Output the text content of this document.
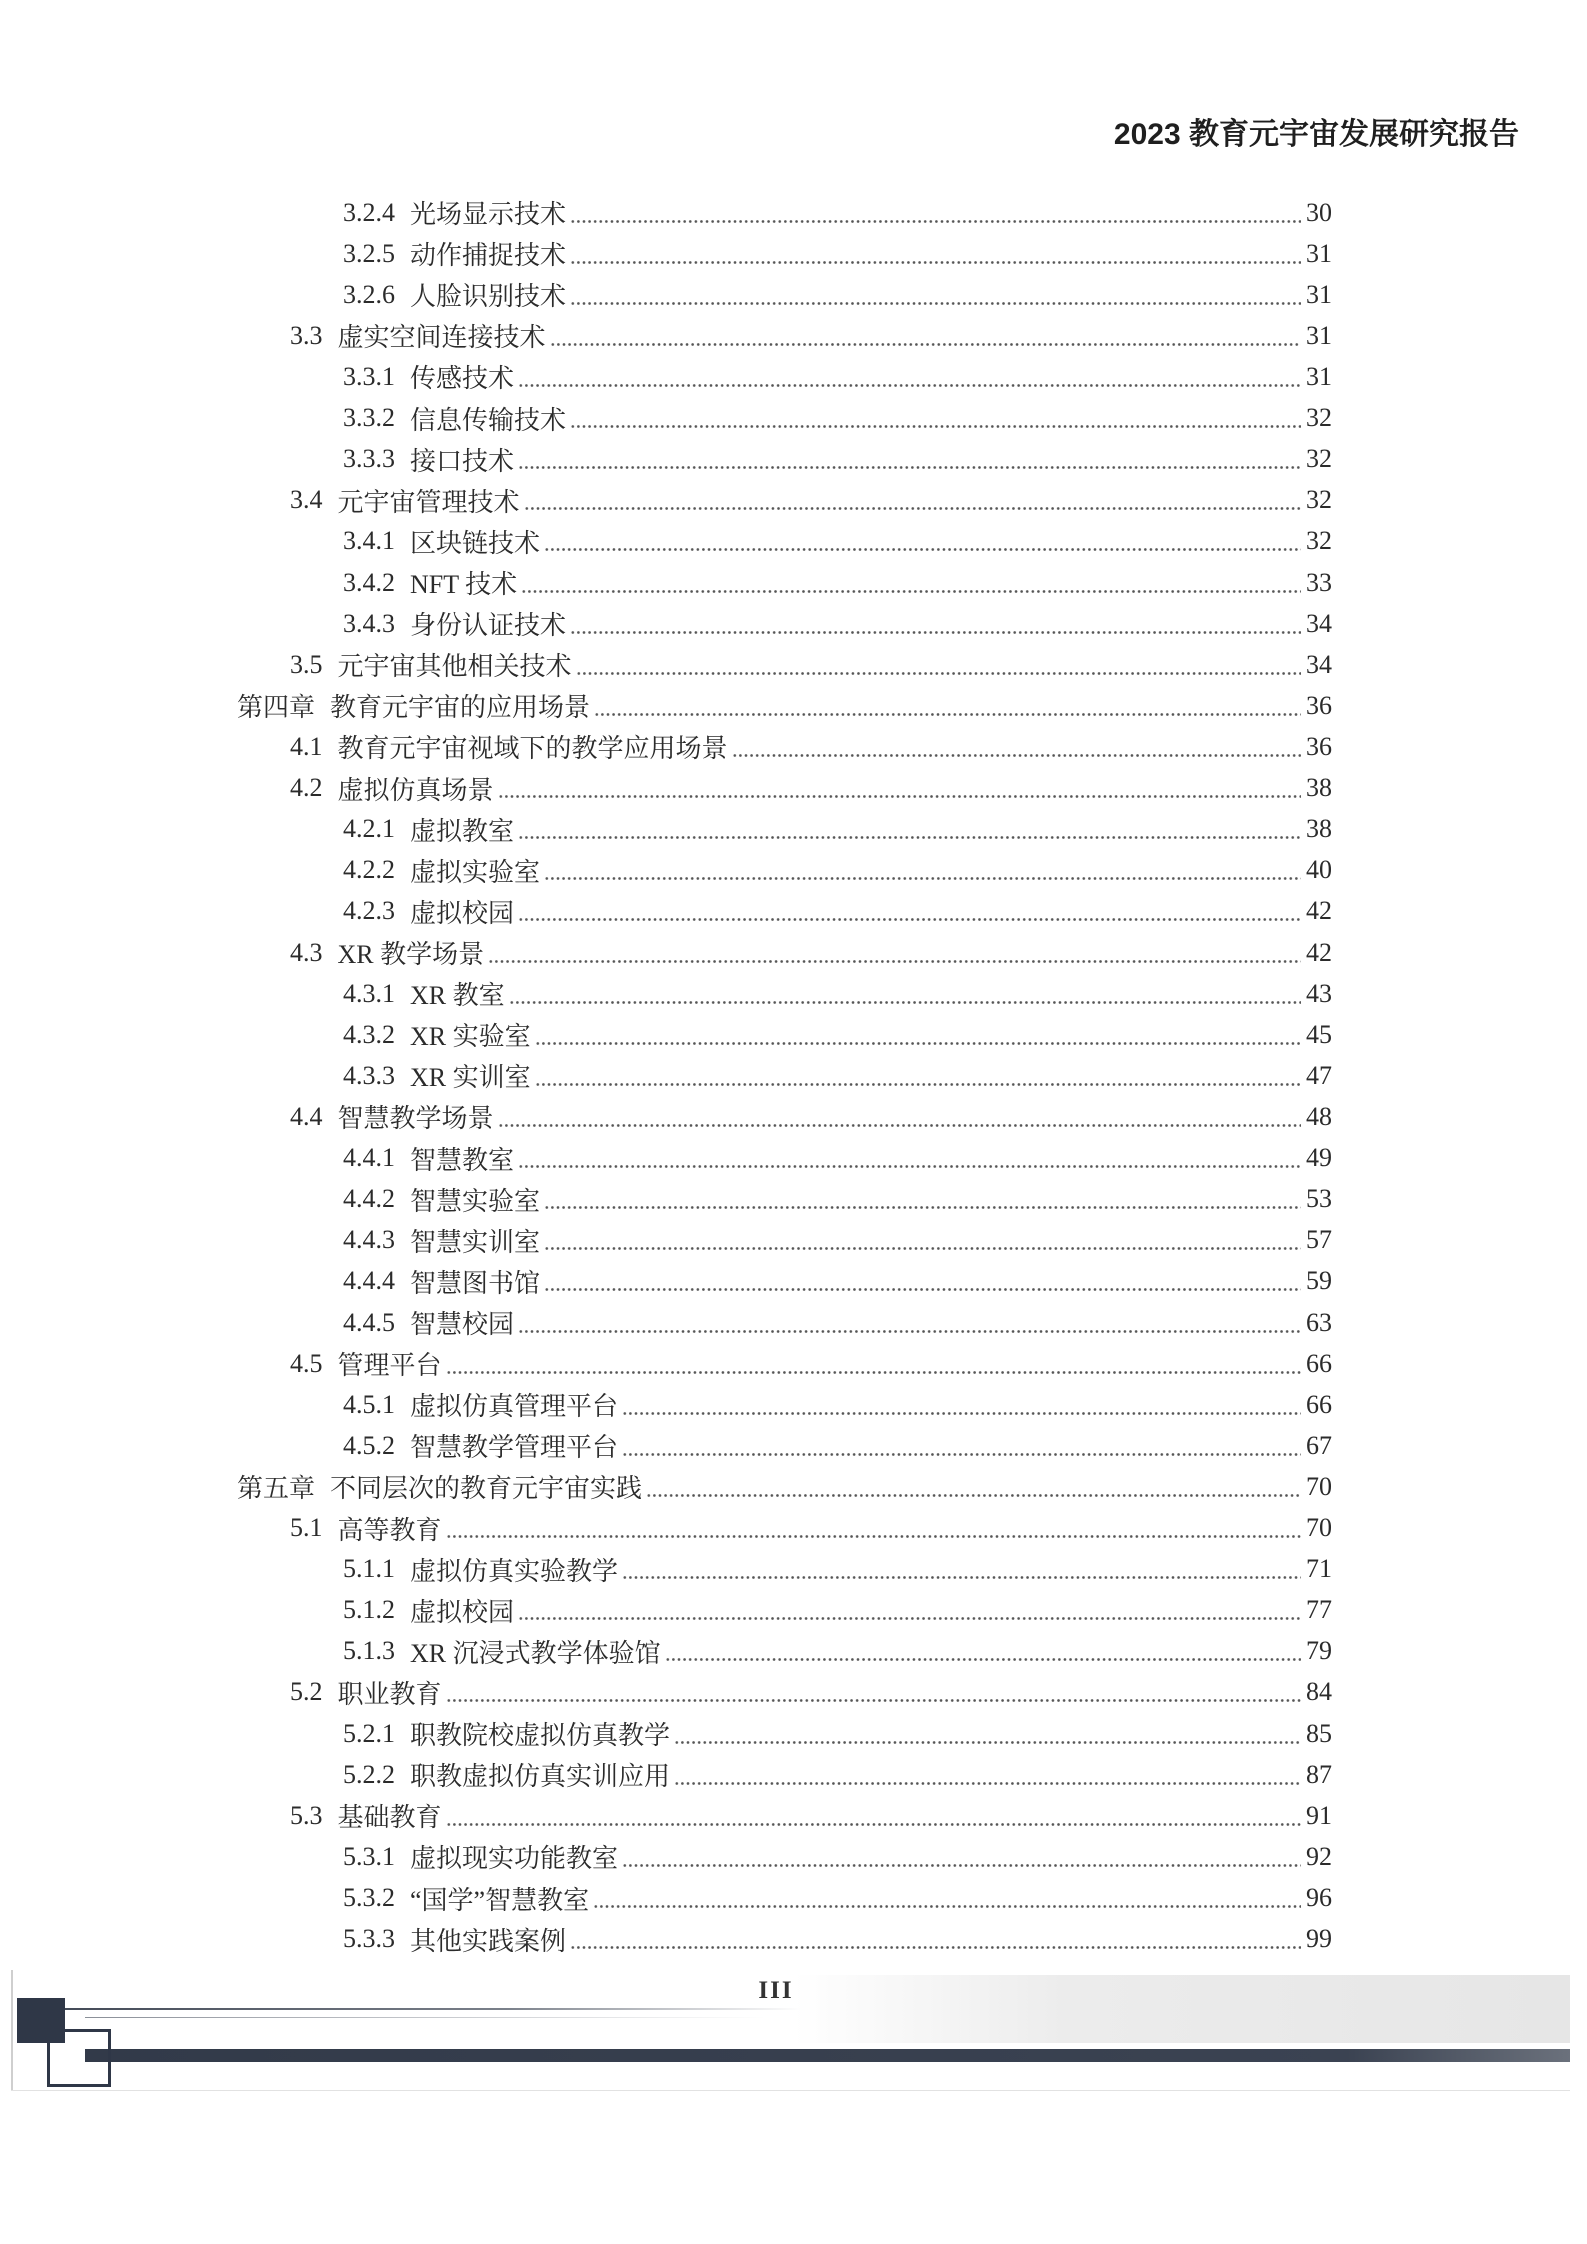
2023 教育元宇宙发展研究报告
3.2.4 光场显示技术	30
3.2.5 动作捕捉技术	31
3.2.6 人脸识别技术	31
3.3 虚实空间连接技术	31
3.3.1 传感技术	31
3.3.2 信息传输技术	32
3.3.3 接口技术	32
3.4 元宇宙管理技术	32
3.4.1 区块链技术	32
3.4.2 NFT 技术	33
3.4.3 身份认证技术	34
3.5 元宇宙其他相关技术	34
第四章 教育元宇宙的应用场景	36
4.1 教育元宇宙视域下的教学应用场景	36
4.2 虚拟仿真场景	38
4.2.1 虚拟教室	38
4.2.2 虚拟实验室	40
4.2.3 虚拟校园	42
4.3 XR 教学场景	42
4.3.1 XR 教室	43
4.3.2 XR 实验室	45
4.3.3 XR 实训室	47
4.4 智慧教学场景	48
4.4.1 智慧教室	49
4.4.2 智慧实验室	53
4.4.3 智慧实训室	57
4.4.4 智慧图书馆	59
4.4.5 智慧校园	63
4.5 管理平台	66
4.5.1 虚拟仿真管理平台	66
4.5.2 智慧教学管理平台	67
第五章 不同层次的教育元宇宙实践	70
5.1 高等教育	70
5.1.1 虚拟仿真实验教学	71
5.1.2 虚拟校园	77
5.1.3 XR 沉浸式教学体验馆	79
5.2 职业教育	84
5.2.1 职教院校虚拟仿真教学	85
5.2.2 职教虚拟仿真实训应用	87
5.3 基础教育	91
5.3.1 虚拟现实功能教室	92
5.3.2 “国学”智慧教室	96
5.3.3 其他实践案例	99
III
